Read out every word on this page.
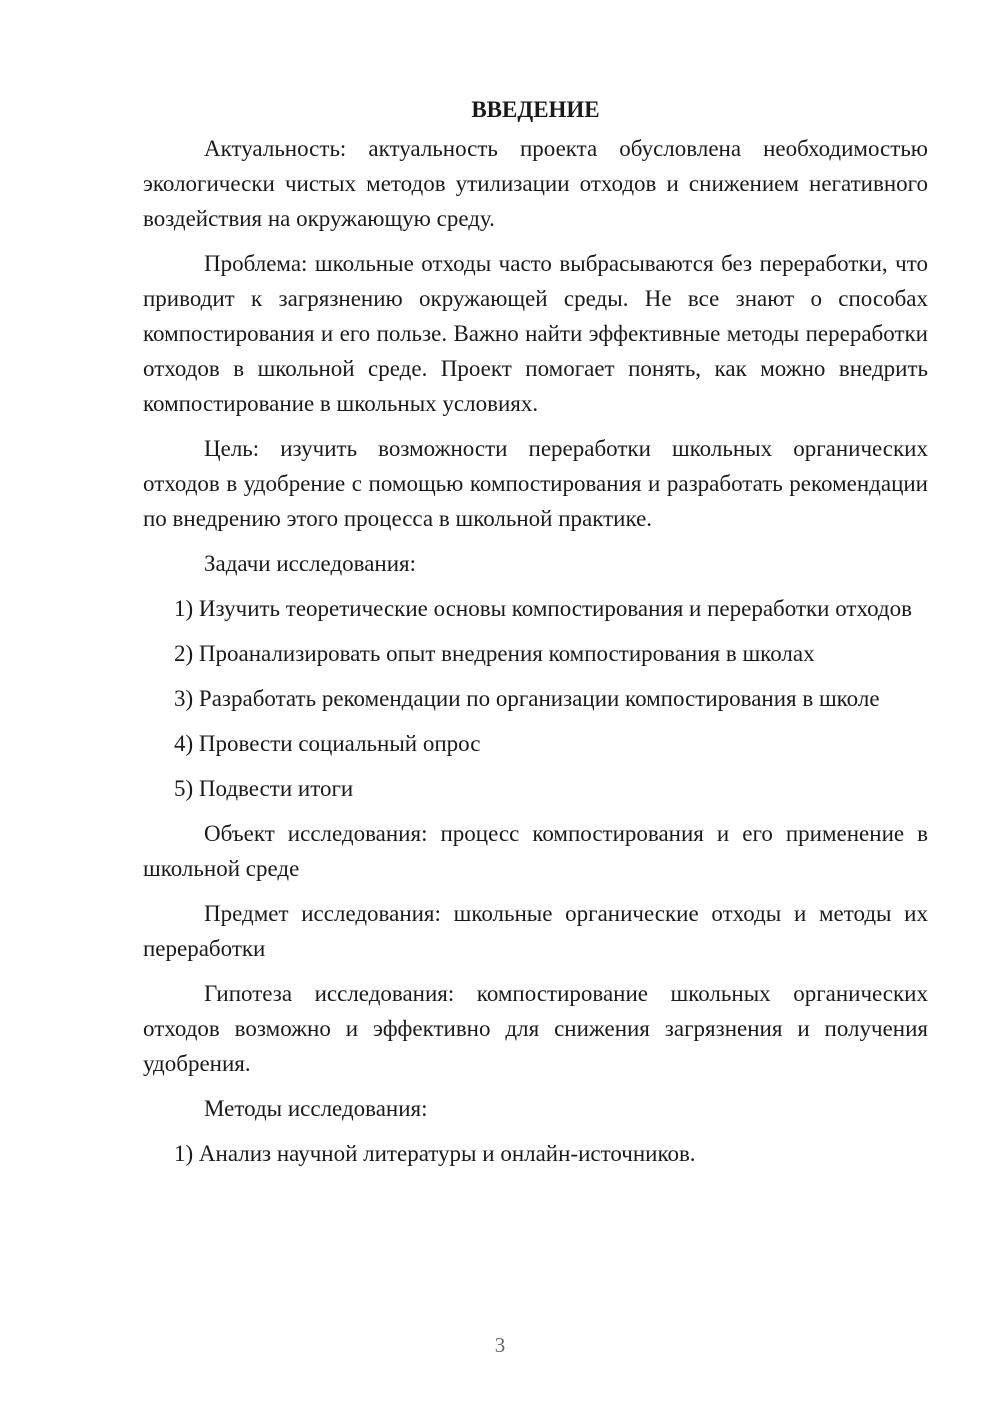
ВВЕДЕНИЕ

Актуальность: актуальность проекта обусловлена необходимостью экологически чистых методов утилизации отходов и снижением негативного воздействия на окружающую среду.

Проблема: школьные отходы часто выбрасываются без переработки, что приводит к загрязнению окружающей среды. Не все знают о способах компостирования и его пользе. Важно найти эффективные методы переработки отходов в школьной среде. Проект помогает понять, как можно внедрить компостирование в школьных условиях.

Цель: изучить возможности переработки школьных органических отходов в удобрение с помощью компостирования и разработать рекомендации по внедрению этого процесса в школьной практике.

Задачи исследования:

1) Изучить теоретические основы компостирования и переработки отходов

2) Проанализировать опыт внедрения компостирования в школах

3) Разработать рекомендации по организации компостирования в школе

4) Провести социальный опрос

5) Подвести итоги

Объект исследования: процесс компостирования и его применение в школьной среде

Предмет исследования: школьные органические отходы и методы их переработки

Гипотеза исследования: компостирование школьных органических отходов возможно и эффективно для снижения загрязнения и получения удобрения.

Методы исследования:

1) Анализ научной литературы и онлайн-источников.

3
